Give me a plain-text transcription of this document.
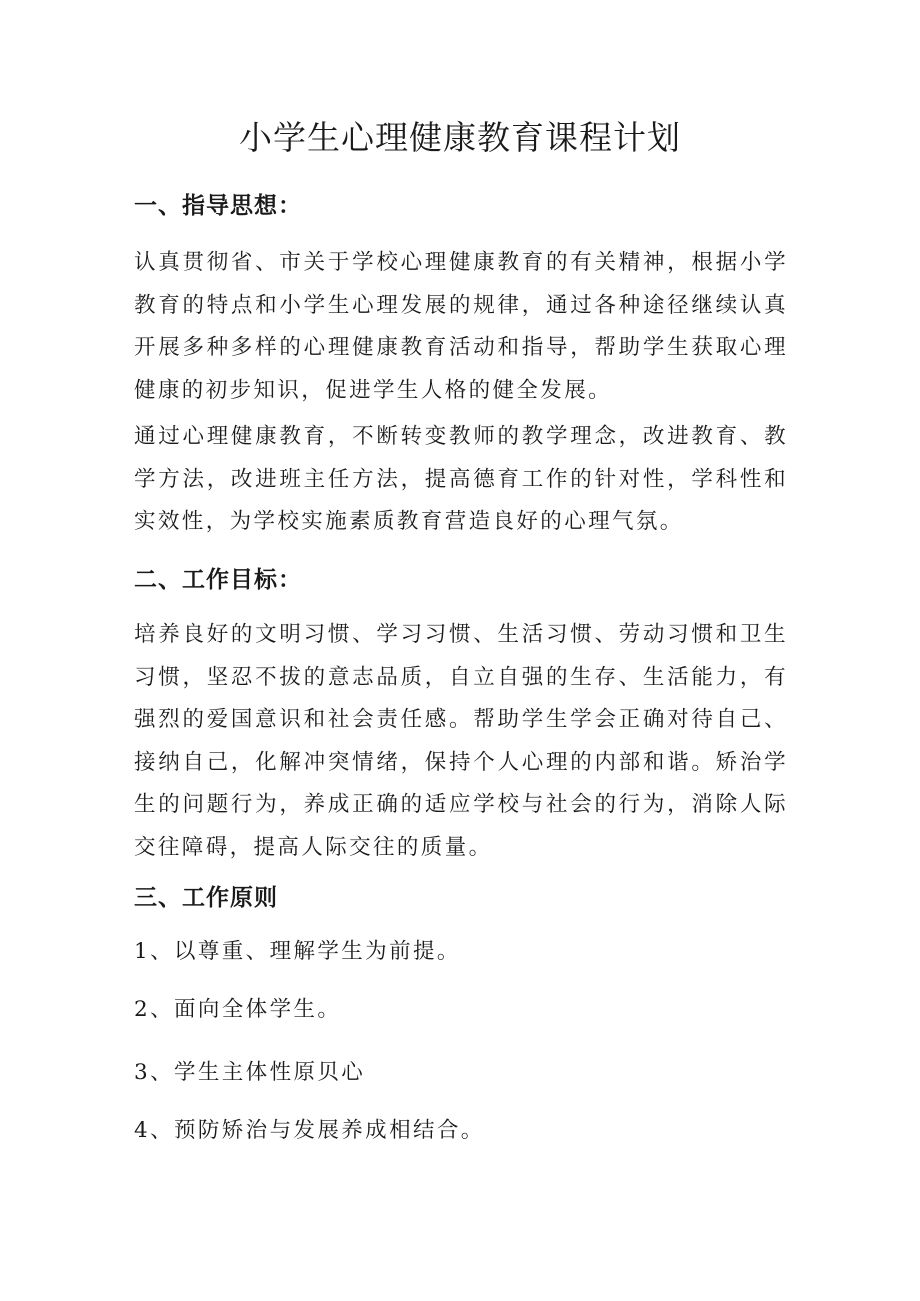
小学生心理健康教育课程计划
一、指导思想：

认真贯彻省、市关于学校心理健康教育的有关精神，根据小学教育的特点和小学生心理发展的规律，通过各种途径继续认真开展多种多样的心理健康教育活动和指导，帮助学生获取心理健康的初步知识，促进学生人格的健全发展。

通过心理健康教育，不断转变教师的教学理念，改进教育、教学方法，改进班主任方法，提高德育工作的针对性，学科性和实效性，为学校实施素质教育营造良好的心理气氛。

二、工作目标：

培养良好的文明习惯、学习习惯、生活习惯、劳动习惯和卫生习惯，坚忍不拔的意志品质，自立自强的生存、生活能力，有强烈的爱国意识和社会责任感。帮助学生学会正确对待自己、接纳自己，化解冲突情绪，保持个人心理的内部和谐。矫治学生的问题行为，养成正确的适应学校与社会的行为，消除人际交往障碍，提高人际交往的质量。

三、工作原则

1、以尊重、理解学生为前提。

2、面向全体学生。

3、学生主体性原贝心

4、预防矫治与发展养成相结合。
